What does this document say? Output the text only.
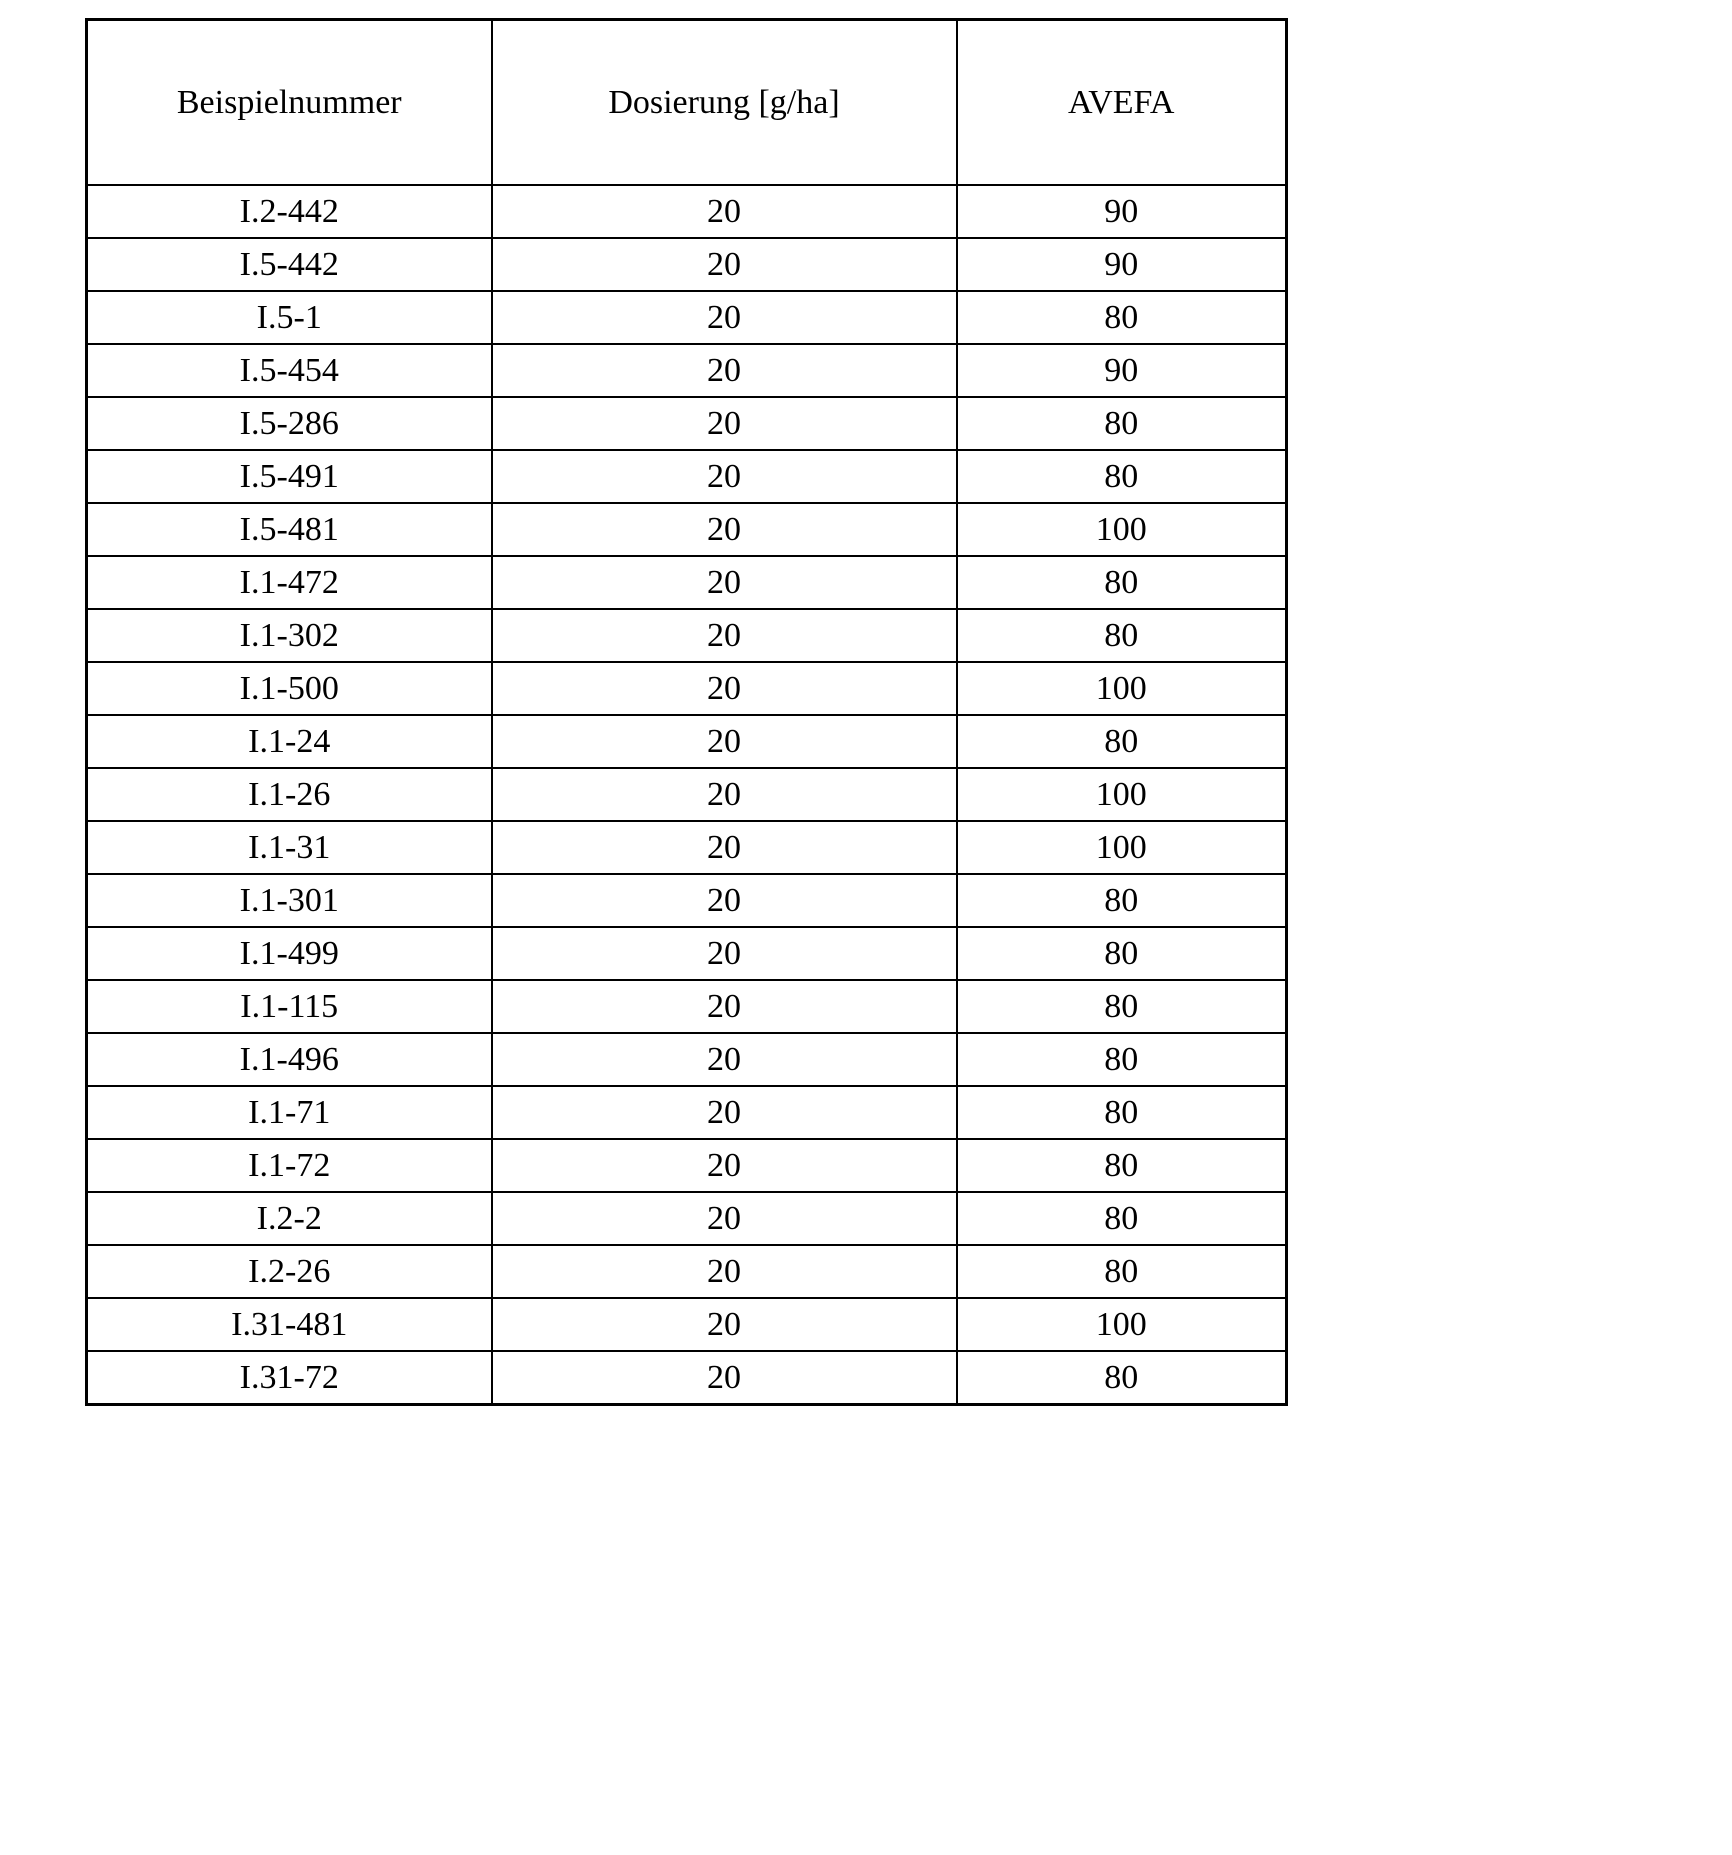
Beispielnummer	Dosierung [g/ha]	AVEFA
I.2-442	20	90
I.5-442	20	90
I.5-1	20	80
I.5-454	20	90
I.5-286	20	80
I.5-491	20	80
I.5-481	20	100
I.1-472	20	80
I.1-302	20	80
I.1-500	20	100
I.1-24	20	80
I.1-26	20	100
I.1-31	20	100
I.1-301	20	80
I.1-499	20	80
I.1-115	20	80
I.1-496	20	80
I.1-71	20	80
I.1-72	20	80
I.2-2	20	80
I.2-26	20	80
I.31-481	20	100
I.31-72	20	80
